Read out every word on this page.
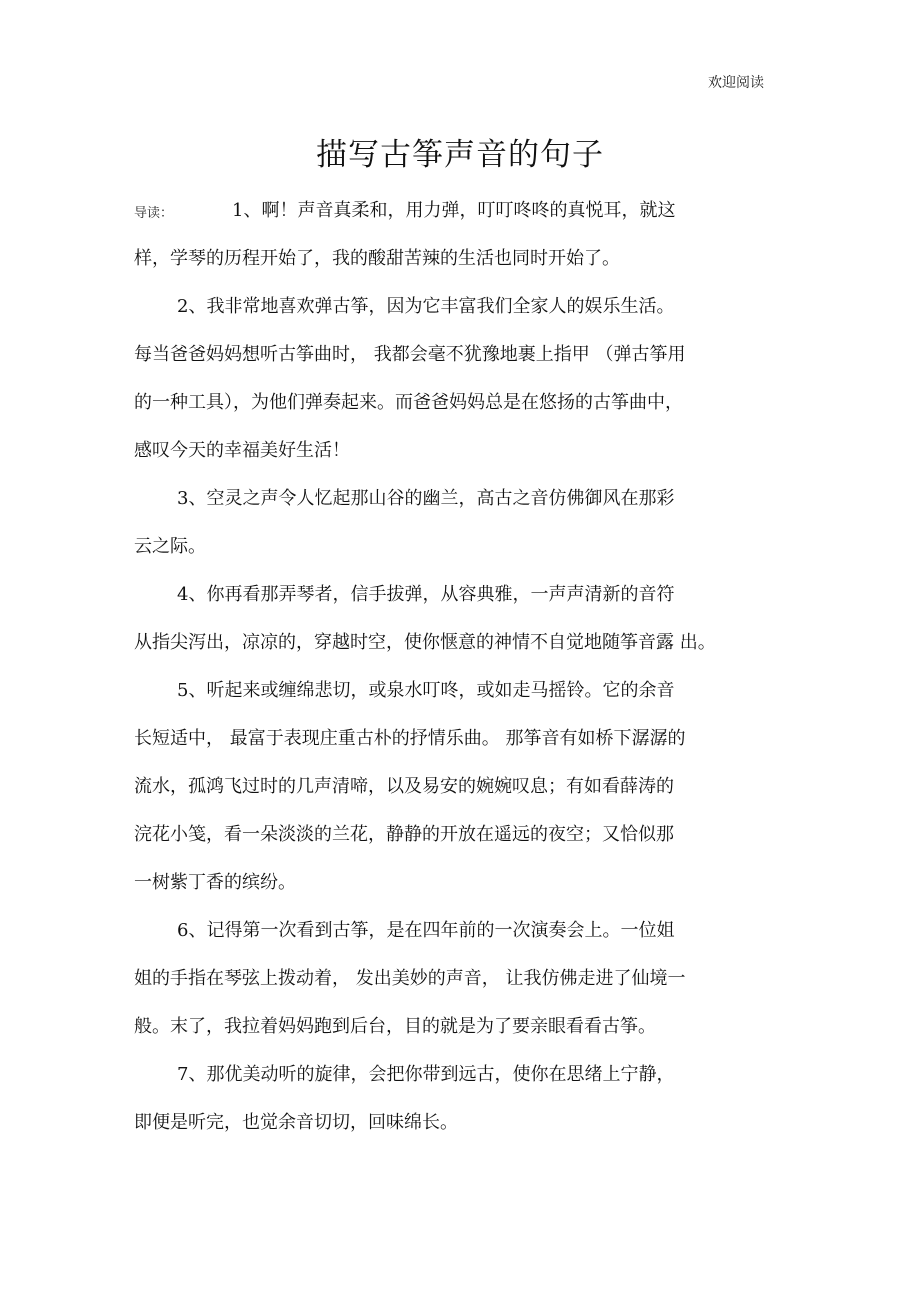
欢迎阅读
描写古筝声音的句子
导读：	1、啊！声音真柔和，用力弹，叮叮咚咚的真悦耳，就这
样，学琴的历程开始了，我的酸甜苦辣的生活也同时开始了。
2、我非常地喜欢弹古筝，因为它丰富我们全家人的娱乐生活。
每当爸爸妈妈想听古筝曲时， 我都会毫不犹豫地裹上指甲 （弹古筝用
的一种工具），为他们弹奏起来。而爸爸妈妈总是在悠扬的古筝曲中，
感叹今天的幸福美好生活！
3、空灵之声令人忆起那山谷的幽兰，高古之音仿佛御风在那彩
云之际。
4、你再看那弄琴者，信手拔弹，从容典雅，一声声清新的音符
从指尖泻出，凉凉的，穿越时空，使你惬意的神情不自觉地随筝音露 出。
5、听起来或缠绵悲切，或泉水叮咚，或如走马摇铃。它的余音
长短适中， 最富于表现庄重古朴的抒情乐曲。 那筝音有如桥下潺潺的
流水，孤鸿飞过时的几声清啼，以及易安的婉婉叹息；有如看薛涛的
浣花小笺，看一朵淡淡的兰花，静静的开放在遥远的夜空；又恰似那
一树紫丁香的缤纷。
6、记得第一次看到古筝，是在四年前的一次演奏会上。一位姐
姐的手指在琴弦上拨动着， 发出美妙的声音， 让我仿佛走进了仙境一
般。末了，我拉着妈妈跑到后台，目的就是为了要亲眼看看古筝。
7、那优美动听的旋律，会把你带到远古，使你在思绪上宁静，
即便是听完，也觉余音切切，回味绵长。
